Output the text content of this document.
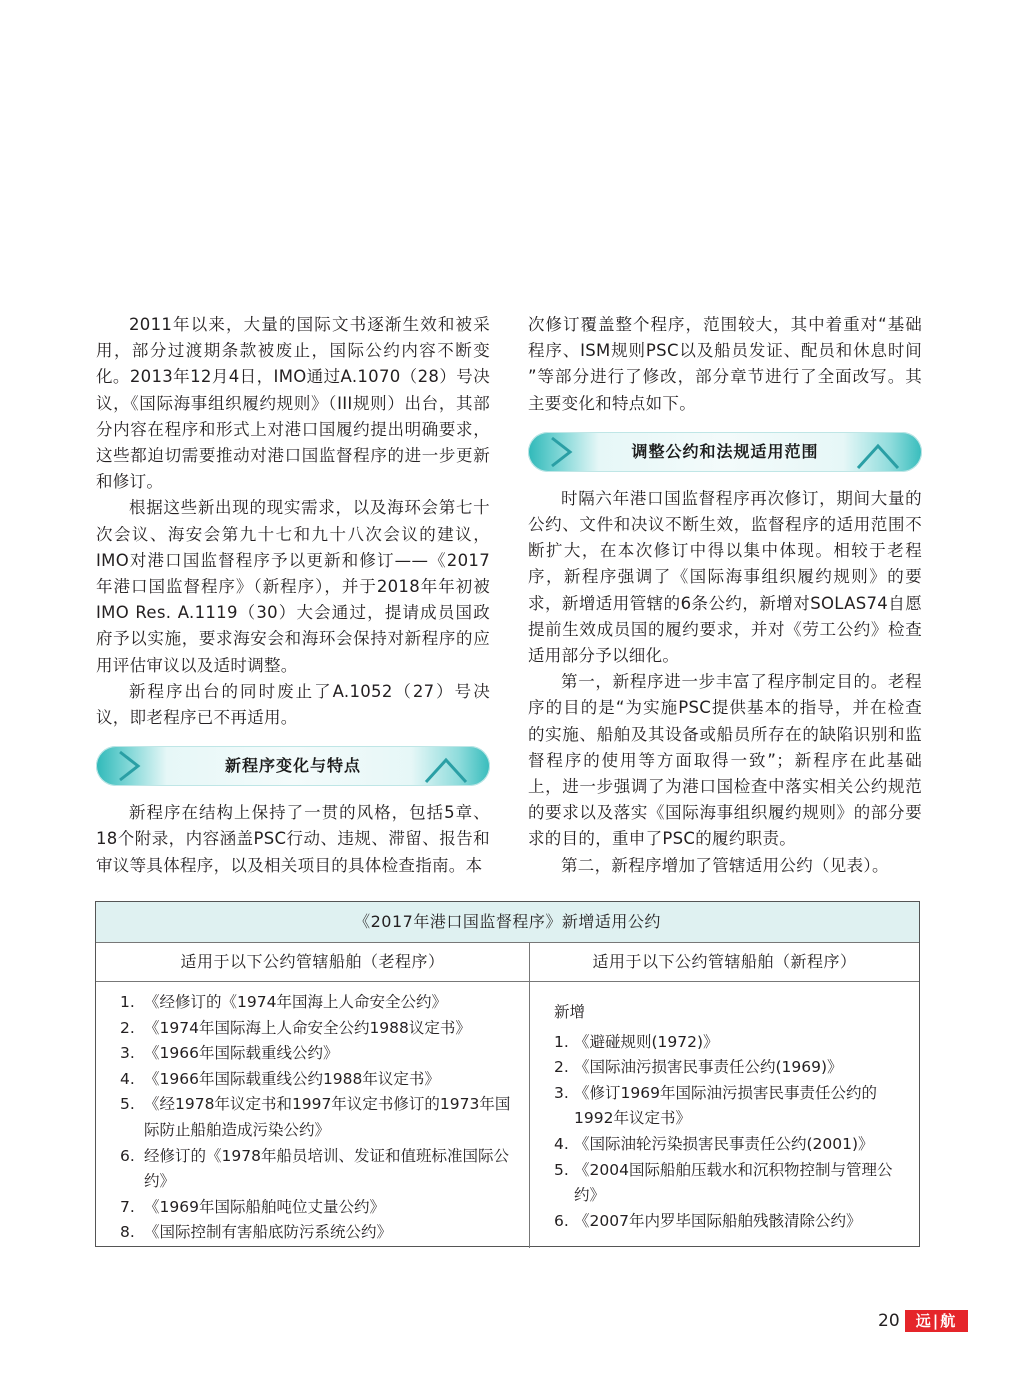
2011年以来，大量的国际文书逐渐生效和被采用，部分过渡期条款被废止，国际公约内容不断变化。2013年12月4日，IMO通过A.1070（28）号决议，《国际海事组织履约规则》（III规则）出台，其部分内容在程序和形式上对港口国履约提出明确要求，这些都迫切需要推动对港口国监督程序的进一步更新和修订。

根据这些新出现的现实需求，以及海环会第七十次会议、海安会第九十七和九十八次会议的建议，IMO对港口国监督程序予以更新和修订——《2017年港口国监督程序》（新程序），并于2018年年初被IMO Res. A.1119（30）大会通过，提请成员国政府予以实施，要求海安会和海环会保持对新程序的应用评估审议以及适时调整。

新程序出台的同时废止了A.1052（27）号决议，即老程序已不再适用。

新程序变化与特点

新程序在结构上保持了一贯的风格，包括5章、18个附录，内容涵盖PSC行动、违规、滞留、报告和审议等具体程序，以及相关项目的具体检查指南。本

次修订覆盖整个程序，范围较大，其中着重对“基础程序、ISM规则PSC以及船员发证、配员和休息时间 ”等部分进行了修改，部分章节进行了全面改写。其主要变化和特点如下。

调整公约和法规适用范围

时隔六年港口国监督程序再次修订，期间大量的公约、文件和决议不断生效，监督程序的适用范围不断扩大，在本次修订中得以集中体现。相较于老程序，新程序强调了《国际海事组织履约规则》的要求，新增适用管辖的6条公约，新增对SOLAS74自愿提前生效成员国的履约要求，并对《劳工公约》检查适用部分予以细化。

第一，新程序进一步丰富了程序制定目的。老程序的目的是“为实施PSC提供基本的指导，并在检查的实施、船舶及其设备或船员所存在的缺陷识别和监督程序的使用等方面取得一致”；新程序在此基础上，进一步强调了为港口国检查中落实相关公约规范的要求以及落实《国际海事组织履约规则》的部分要求的目的，重申了PSC的履约职责。

第二，新程序增加了管辖适用公约（见表）。

《2017年港口国监督程序》新增适用公约
适用于以下公约管辖船舶（老程序）	适用于以下公约管辖船舶（新程序）
1. 《经修订的《1974年国海上人命安全公约》
2. 《1974年国际海上人命安全公约1988议定书》
3. 《1966年国际载重线公约》
4. 《1966年国际载重线公约1988年议定书》
5. 《经1978年议定书和1997年议定书修订的1973年国际防止船舶造成污染公约》
6. 经修订的《1978年船员培训、发证和值班标准国际公约》
7. 《1969年国际船舶吨位丈量公约》
8. 《国际控制有害船底防污系统公约》
新增
1. 《避碰规则(1972)》
2. 《国际油污损害民事责任公约(1969)》
3. 《修订1969年国际油污损害民事责任公约的1992年议定书》
4. 《国际油轮污染损害民事责任公约(2001)》
5. 《2004国际船舶压载水和沉积物控制与管理公约》
6. 《2007年内罗毕国际船舶残骸清除公约》
20	远|航
